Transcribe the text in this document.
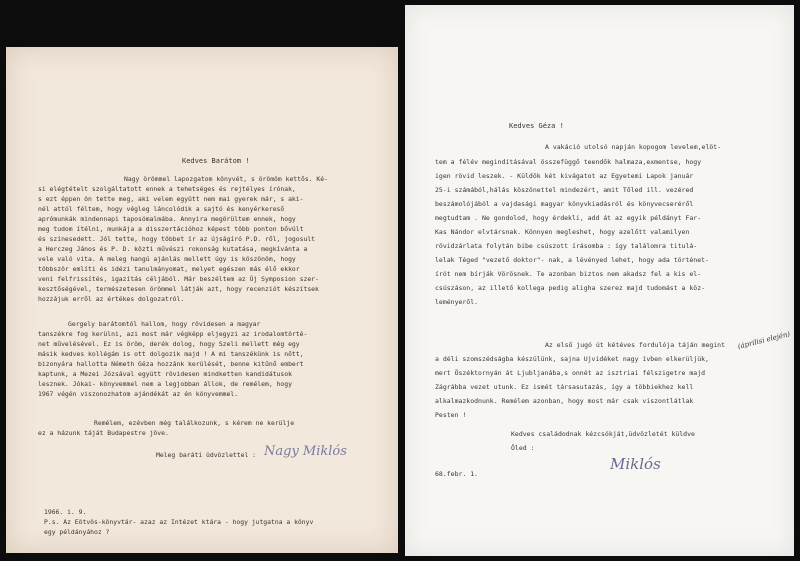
Kedves Barátom !
Nagy örömmel lapozgatom könyvét, s örömöm kettős. Ké-
si elégtételt szolgáltatott ennek a tehetséges és rejtélyes írónak,
s ezt éppen ön tette meg, aki velem együtt nem mai gyerek már, s aki-
nél attól féltem, hogy végleg láncolódik a sajtó és kenyérkereső
aprómunkák mindennapi taposómalmába. Annyira megörültem ennek, hogy
meg tudom ítélni, munkája a disszertációhoz képest több ponton bővült
és színesedett. Jól tette, hogy többet ír az újságíró P.D. ről, jogosult
a Herczeg János és P. D. közti művészi rokonság kutatása, megkívánta a
vele való vita. A meleg hangú ajánlás mellett úgy is köszönöm, hogy
többször említi és idézi tanulmányomat, melyet egészen más élő ekkor
veni felfrissítés, igazítás céljából. Már beszéltem az Új Symposion szer-
kesztőségével, természetesen örömmel látják azt, hogy recenziót készítsek
hozzájuk erről az értékes dolgozatról.
Gergely barátomtól hallom, hogy rövidesen a magyar
tanszékre fog kerülni, azi most már végképp eljegyzi az irodalomtörté-
net művelésével. Ez is öröm, derék dolog, hogy Szeli mellett még egy
másik kedves kollégám is ott dolgozik majd ! A mi tanszékünk is nőtt,
bizonyára hallotta Németh Géza hozzánk kerülését, benne kitűnő embert
kaptunk, a Mezei Józsával együtt rövidesen mindketten kandidátusok
lesznek. Jókai- könyvemmel nem a legjobban állok, de remélem, hogy
1967 végén viszonozhatom ajándékát az én könyvemmel.
Remélem, ezévben még találkozunk, s kérem ne kerülje
ez a házunk táját Budapestre jöve.
Meleg baráti üdvözlettel : Nagy Miklós
1966. i. 9.
P.s. Az Eötvös-könyvtár- azaz az Intézet ktára - hogy jutgatna a könyv
egy példányához ?
Kedves Géza !
A vakáció utolsó napján kopogom levelem,elöt-
tem a félév megindításával összefüggő teendők halmaza,exmentse, hogy
igen rövid leszek. - Küldök két kivágatot az Egyetemi Lapok január
25-i számából,hálás köszönettel mindezért, amit Tőled ill. vezéred
beszámolójából a vajdasági magyar könyvkiadásról és könyvecseréről
megtudtam . Ne gondolod, hogy érdekli, add át az egyik példányt Far-
Kas Nándor elvtársnak. Könnyen megleshet, hogy azelőtt valamilyen
rövidzárlata folytán bibe csúszott írásomba : így találomra titulá-
lelak Téged "vezető doktor"- nak, a lévényed lehet, hogy ada történet-
írót nem bírják Vörösnek. Te azonban biztos nem akadsz fel a kis el-
csúszáson, az illető kollega pedig aligha szerez majd tudomást a köz-
leményeről.
(áprilisi elején)
Az első jugó út kétéves fordulója táján megint
a déli szomszédságba készülünk, sajna Ujvidéket nagy ívben elkerüljük,
mert Öszéktornyán át Ljubljanába,s onnét az isztriai félszigetre majd
Zágrábba vezet utunk. Ez ismét társasutazás, így a többiekhez kell
alkalmazkodnunk. Remélem azonban, hogy most már csak viszontlátlak
Pesten !
Kedves családodnak kézcsókját,üdvözletét küldve
Öled :
68.febr. 1.
Miklós
